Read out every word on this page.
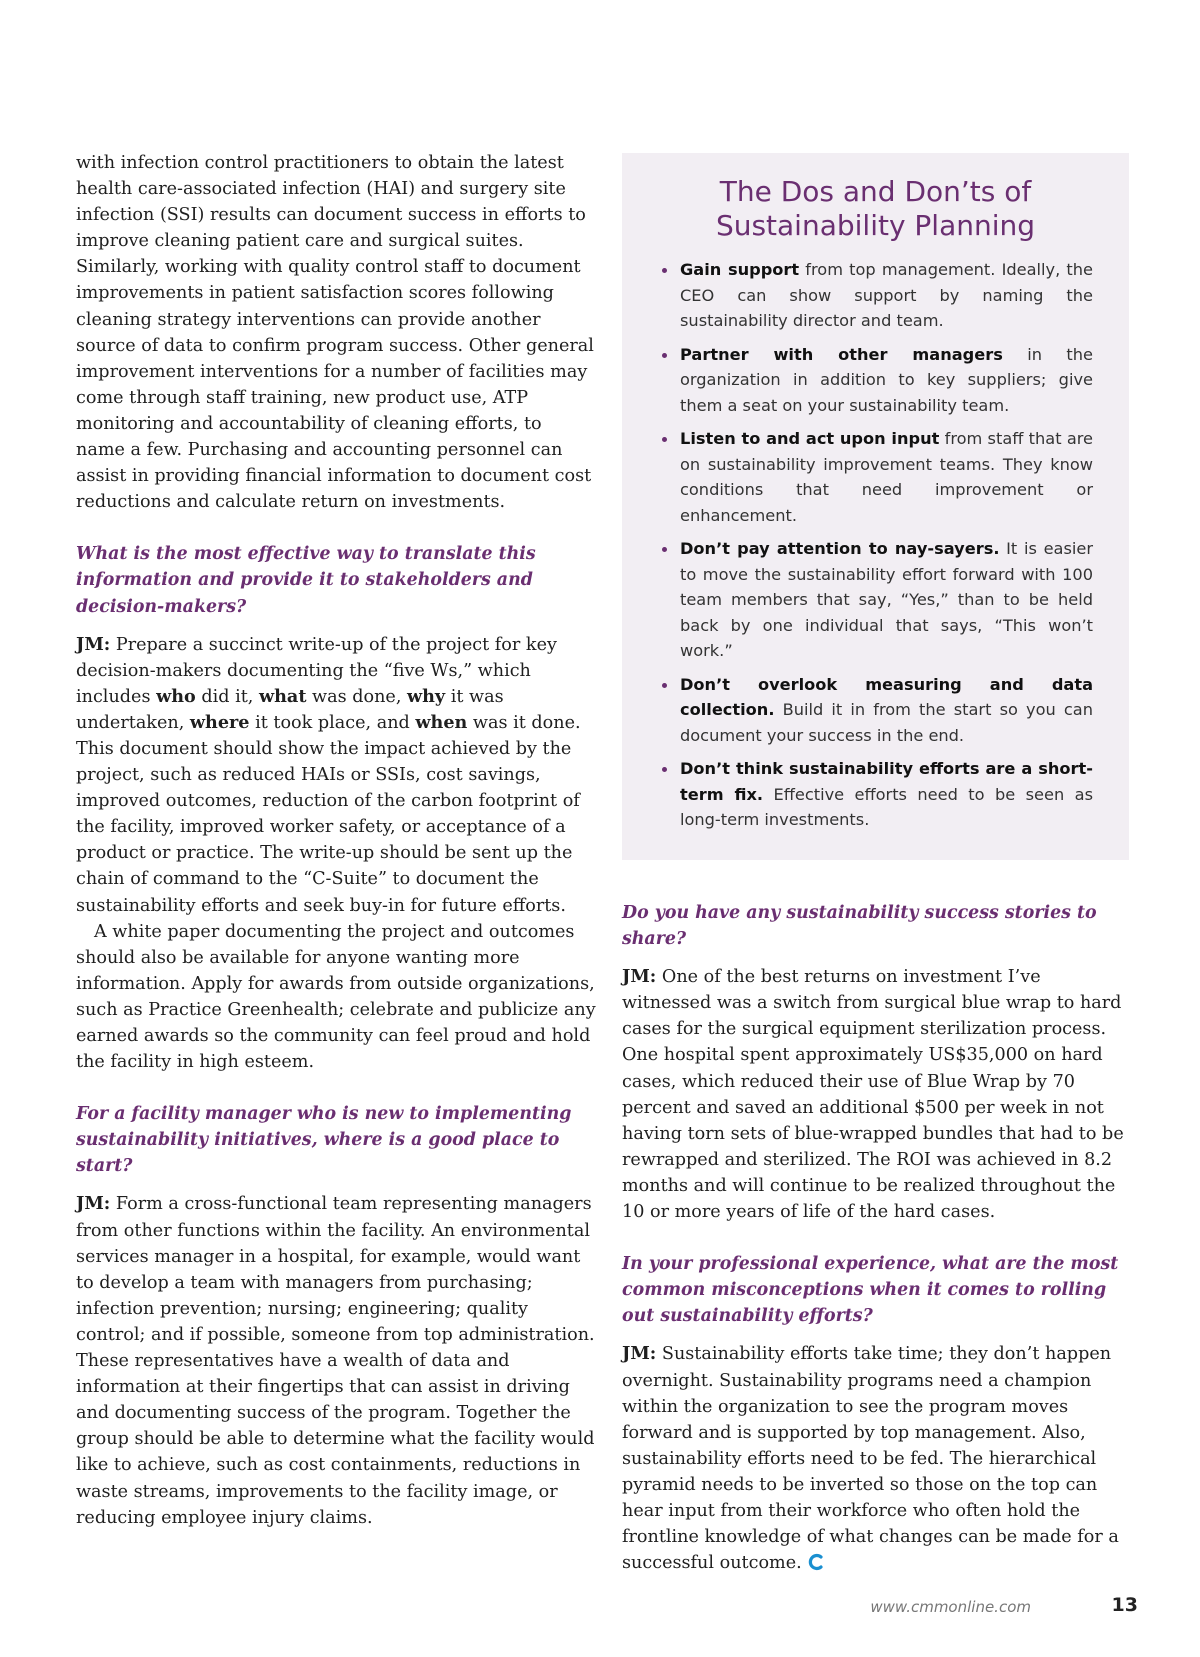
with infection control practitioners to obtain the latest health care-associated infection (HAI) and surgery site infection (SSI) results can document success in efforts to improve cleaning patient care and surgical suites. Similarly, working with quality control staff to document improvements in patient satisfaction scores following cleaning strategy interventions can provide another source of data to confirm program success. Other general improvement interventions for a number of facilities may come through staff training, new product use, ATP monitoring and accountability of cleaning efforts, to name a few. Purchasing and accounting personnel can assist in providing financial information to document cost reductions and calculate return on investments.

What is the most effective way to translate this information and provide it to stakeholders and decision-makers?

JM: Prepare a succinct write-up of the project for key decision-makers documenting the “five Ws,” which includes who did it, what was done, why it was undertaken, where it took place, and when was it done. This document should show the impact achieved by the project, such as reduced HAIs or SSIs, cost savings, improved outcomes, reduction of the carbon footprint of the facility, improved worker safety, or acceptance of a product or practice. The write-up should be sent up the chain of command to the “C-Suite” to document the sustainability efforts and seek buy-in for future efforts.

A white paper documenting the project and outcomes should also be available for anyone wanting more information. Apply for awards from outside organizations, such as Practice Greenhealth; celebrate and publicize any earned awards so the community can feel proud and hold the facility in high esteem.

For a facility manager who is new to implementing sustainability initiatives, where is a good place to start?

JM: Form a cross-functional team representing managers from other functions within the facility. An environmental services manager in a hospital, for example, would want to develop a team with managers from purchasing; infection prevention; nursing; engineering; quality control; and if possible, someone from top administration. These representatives have a wealth of data and information at their fingertips that can assist in driving and documenting success of the program. Together the group should be able to determine what the facility would like to achieve, such as cost containments, reductions in waste streams, improvements to the facility image, or reducing employee injury claims.

The Dos and Don’ts of Sustainability Planning
Gain support from top management. Ideally, the CEO can show support by naming the sustainability director and team.
Partner with other managers in the organization in addition to key suppliers; give them a seat on your sustainability team.
Listen to and act upon input from staff that are on sustainability improvement teams. They know conditions that need improvement or enhancement.
Don’t pay attention to nay-sayers. It is easier to move the sustainability effort forward with 100 team members that say, “Yes,” than to be held back by one individual that says, “This won’t work.”
Don’t overlook measuring and data collection. Build it in from the start so you can document your success in the end.
Don’t think sustainability efforts are a short-term fix. Effective efforts need to be seen as long-term investments.

Do you have any sustainability success stories to share?

JM: One of the best returns on investment I’ve witnessed was a switch from surgical blue wrap to hard cases for the surgical equipment sterilization process. One hospital spent approximately US$35,000 on hard cases, which reduced their use of Blue Wrap by 70 percent and saved an additional $500 per week in not having torn sets of blue-wrapped bundles that had to be rewrapped and sterilized. The ROI was achieved in 8.2 months and will continue to be realized throughout the 10 or more years of life of the hard cases.

In your professional experience, what are the most common misconceptions when it comes to rolling out sustainability efforts?

JM: Sustainability efforts take time; they don’t happen overnight. Sustainability programs need a champion within the organization to see the program moves forward and is supported by top management. Also, sustainability efforts need to be fed. The hierarchical pyramid needs to be inverted so those on the top can hear input from their workforce who often hold the frontline knowledge of what changes can be made for a successful outcome.

www.cmmonline.com	13
